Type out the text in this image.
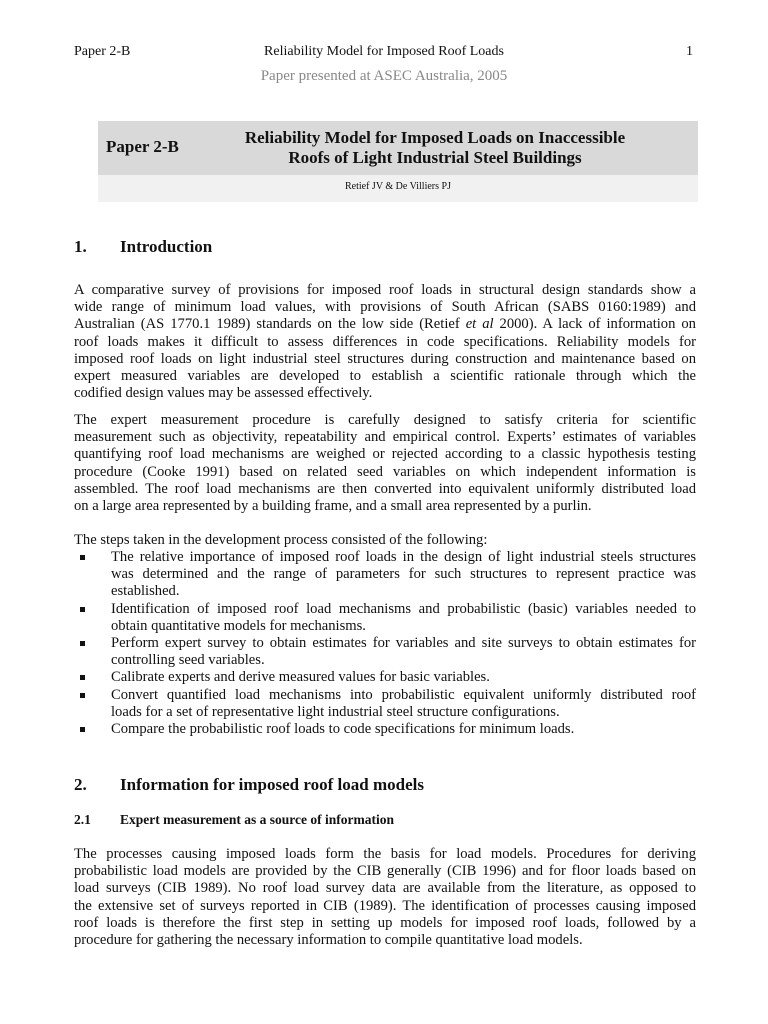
Paper 2-B	Reliability Model for Imposed Roof Loads	1
Paper presented at ASEC Australia, 2005
Paper 2-B	Reliability Model for Imposed Loads on Inaccessible
Roofs of Light Industrial Steel Buildings
Retief JV & De Villiers PJ
1. Introduction
A comparative survey of provisions for imposed roof loads in structural design standards show a
wide range of minimum load values, with provisions of South African (SABS 0160:1989) and
Australian (AS 1770.1 1989) standards on the low side (Retief et al 2000). A lack of information on
roof loads makes it difficult to assess differences in code specifications. Reliability models for
imposed roof loads on light industrial steel structures during construction and maintenance based on
expert measured variables are developed to establish a scientific rationale through which the
codified design values may be assessed effectively.
The expert measurement procedure is carefully designed to satisfy criteria for scientific
measurement such as objectivity, repeatability and empirical control. Experts’ estimates of variables
quantifying roof load mechanisms are weighed or rejected according to a classic hypothesis testing
procedure (Cooke 1991) based on related seed variables on which independent information is
assembled. The roof load mechanisms are then converted into equivalent uniformly distributed load
on a large area represented by a building frame, and a small area represented by a purlin.
The steps taken in the development process consisted of the following:
The relative importance of imposed roof loads in the design of light industrial steels structures
was determined and the range of parameters for such structures to represent practice was
established.
Identification of imposed roof load mechanisms and probabilistic (basic) variables needed to
obtain quantitative models for mechanisms.
Perform expert survey to obtain estimates for variables and site surveys to obtain estimates for
controlling seed variables.
Calibrate experts and derive measured values for basic variables.
Convert quantified load mechanisms into probabilistic equivalent uniformly distributed roof
loads for a set of representative light industrial steel structure configurations.
Compare the probabilistic roof loads to code specifications for minimum loads.
2. Information for imposed roof load models
2.1 Expert measurement as a source of information
The processes causing imposed loads form the basis for load models. Procedures for deriving
probabilistic load models are provided by the CIB generally (CIB 1996) and for floor loads based on
load surveys (CIB 1989). No roof load survey data are available from the literature, as opposed to
the extensive set of surveys reported in CIB (1989). The identification of processes causing imposed
roof loads is therefore the first step in setting up models for imposed roof loads, followed by a
procedure for gathering the necessary information to compile quantitative load models.
